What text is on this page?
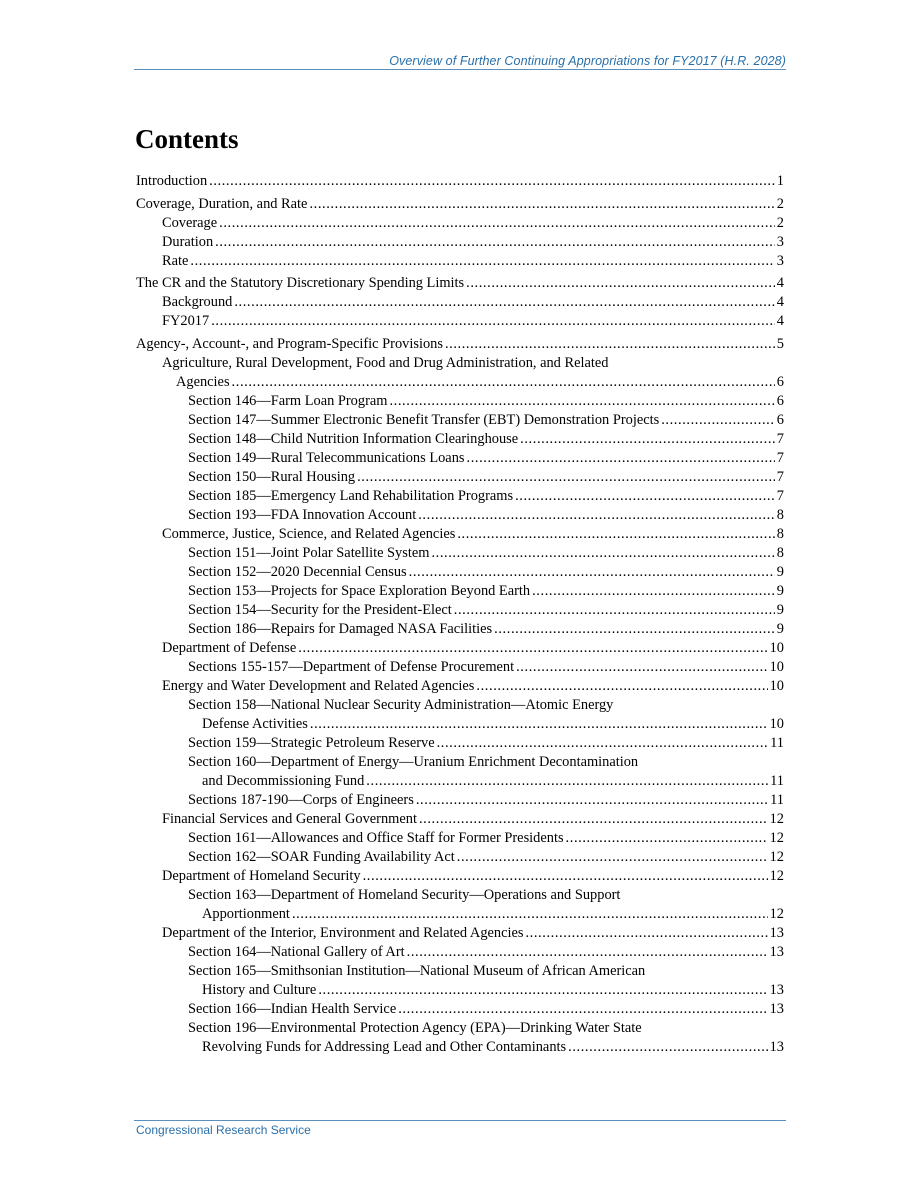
Overview of Further Continuing Appropriations for FY2017 (H.R. 2028)
Contents
Introduction .....	1
Coverage, Duration, and Rate .....	2
Coverage .....	2
Duration .....	3
Rate .....	3
The CR and the Statutory Discretionary Spending Limits .....	4
Background .....	4
FY2017 .....	4
Agency-, Account-, and Program-Specific Provisions .....	5
Agriculture, Rural Development, Food and Drug Administration, and Related
Agencies .....	6
Section 146—Farm Loan Program .....	6
Section 147—Summer Electronic Benefit Transfer (EBT) Demonstration Projects .....	6
Section 148—Child Nutrition Information Clearinghouse .....	7
Section 149—Rural Telecommunications Loans .....	7
Section 150—Rural Housing .....	7
Section 185—Emergency Land Rehabilitation Programs .....	7
Section 193—FDA Innovation Account .....	8
Commerce, Justice, Science, and Related Agencies .....	8
Section 151—Joint Polar Satellite System .....	8
Section 152—2020 Decennial Census .....	9
Section 153—Projects for Space Exploration Beyond Earth .....	9
Section 154—Security for the President-Elect .....	9
Section 186—Repairs for Damaged NASA Facilities .....	9
Department of Defense .....	10
Sections 155-157—Department of Defense Procurement .....	10
Energy and Water Development and Related Agencies .....	10
Section 158—National Nuclear Security Administration—Atomic Energy
Defense Activities .....	10
Section 159—Strategic Petroleum Reserve .....	11
Section 160—Department of Energy—Uranium Enrichment Decontamination
and Decommissioning Fund .....	11
Sections 187-190—Corps of Engineers .....	11
Financial Services and General Government .....	12
Section 161—Allowances and Office Staff for Former Presidents .....	12
Section 162—SOAR Funding Availability Act .....	12
Department of Homeland Security .....	12
Section 163—Department of Homeland Security—Operations and Support
Apportionment .....	12
Department of the Interior, Environment and Related Agencies .....	13
Section 164—National Gallery of Art .....	13
Section 165—Smithsonian Institution—National Museum of African American
History and Culture .....	13
Section 166—Indian Health Service .....	13
Section 196—Environmental Protection Agency (EPA)—Drinking Water State
Revolving Funds for Addressing Lead and Other Contaminants .....	13
Congressional Research Service
